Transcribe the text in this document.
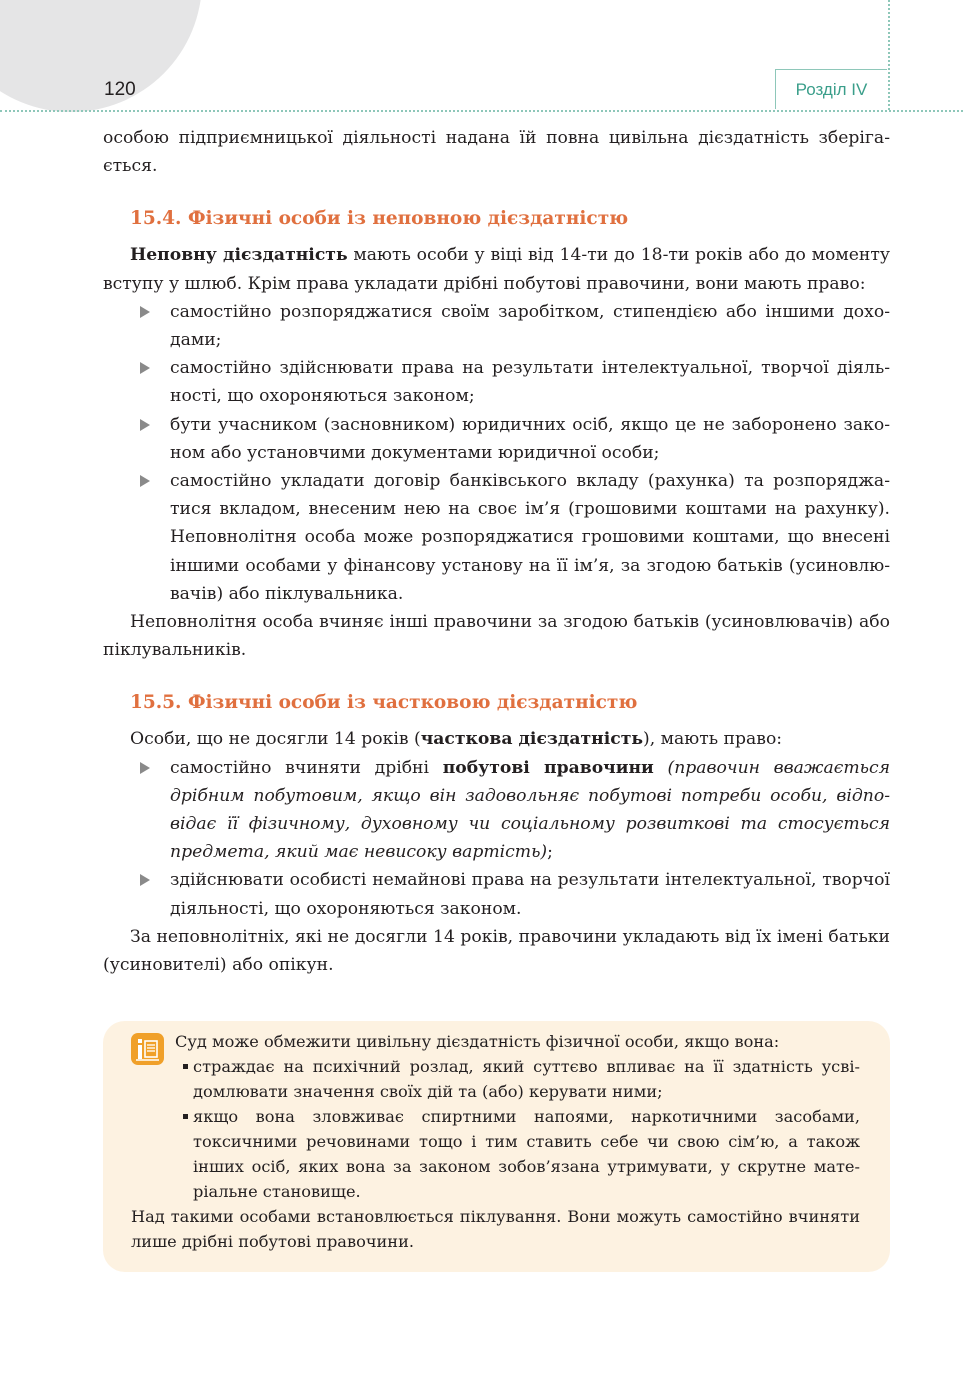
120	Розділ IV

особою підприємницької діяльності надана їй повна цивільна дієздатність зберігається.

15.4. Фізичні особи із неповною дієздатністю

Неповну дієздатність мають особи у віці від 14-ти до 18-ти років або до моменту вступу у шлюб. Крім права укладати дрібні побутові правочини, вони мають право:

самостійно розпоряджатися своїм заробітком, стипендією або іншими доходами;
самостійно здійснювати права на результати інтелектуальної, творчої діяльності, що охороняються законом;
бути учасником (засновником) юридичних осіб, якщо це не заборонено законом або установчими документами юридичної особи;
самостійно укладати договір банківського вкладу (рахунка) та розпоряджатися вкладом, внесеним нею на своє ім’я (грошовими коштами на рахунку). Неповнолітня особа може розпоряджатися грошовими коштами, що внесені іншими особами у фінансову установу на її ім’я, за згодою батьків (усиновлювачів) або піклувальника.

Неповнолітня особа вчиняє інші правочини за згодою батьків (усиновлювачів) або піклувальників.

15.5. Фізичні особи із частковою дієздатністю

Особи, що не досягли 14 років (часткова дієздатність), мають право:

самостійно вчиняти дрібні побутові правочини (правочин вважається дрібним побутовим, якщо він задовольняє побутові потреби особи, відповідає її фізичному, духовному чи соціальному розвиткові та стосується предмета, який має невисоку вартість);
здійснювати особисті немайнові права на результати інтелектуальної, творчої діяльності, що охороняються законом.

За неповнолітніх, які не досягли 14 років, правочини укладають від їх імені батьки (усиновителі) або опікун.

Суд може обмежити цивільну дієздатність фізичної особи, якщо вона:

страждає на психічний розлад, який суттєво впливає на її здатність усвідомлювати значення своїх дій та (або) керувати ними;
якщо вона зловживає спиртними напоями, наркотичними засобами, токсичними речовинами тощо і тим ставить себе чи свою сім’ю, а також інших осіб, яких вона за законом зобов’язана утримувати, у скрутне матеріальне становище.

Над такими особами встановлюється піклування. Вони можуть самостійно вчиняти лише дрібні побутові правочини.
